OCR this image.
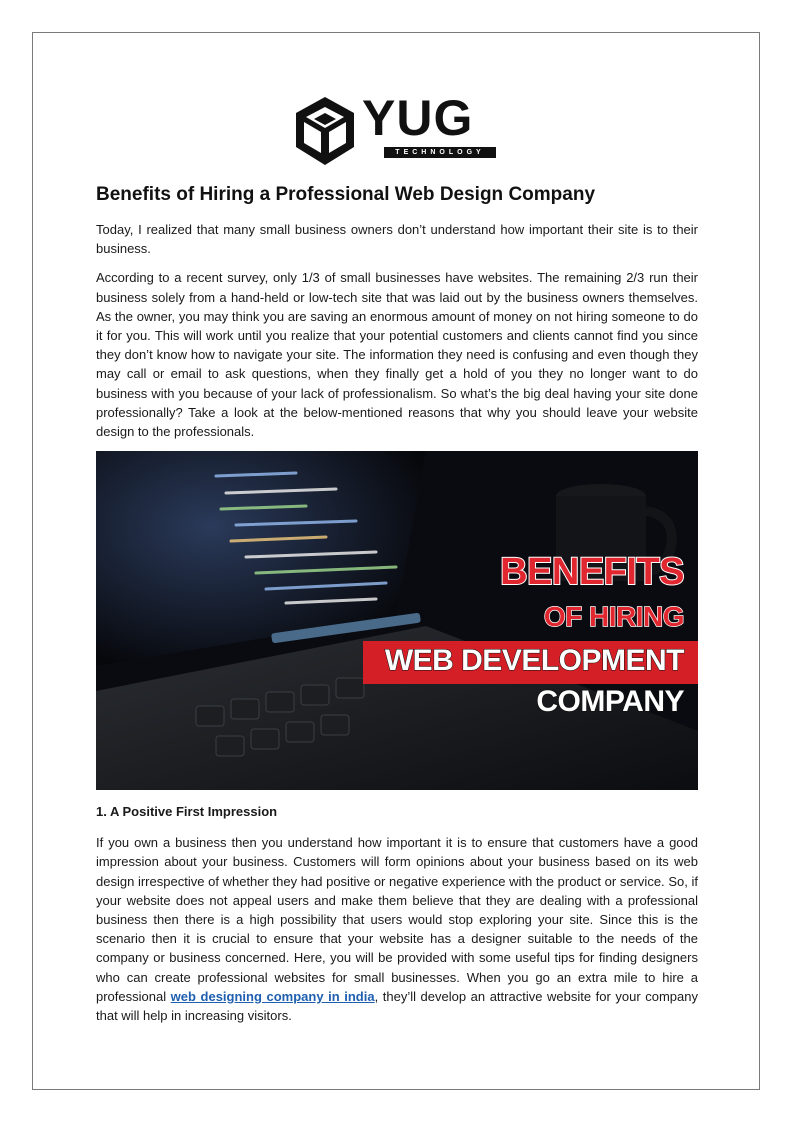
YUG
TECHNOLOGY
Benefits of Hiring a Professional Web Design Company

Today, I realized that many small business owners don’t understand how important their site is to their business.

According to a recent survey, only 1/3 of small businesses have websites. The remaining 2/3 run their business solely from a hand-held or low-tech site that was laid out by the business owners themselves. As the owner, you may think you are saving an enormous amount of money on not hiring someone to do it for you. This will work until you realize that your potential customers and clients cannot find you since they don’t know how to navigate your site. The information they need is confusing and even though they may call or email to ask questions, when they finally get a hold of you they no longer want to do business with you because of your lack of professionalism. So what’s the big deal having your site done professionally? Take a look at the below-mentioned reasons that why you should leave your website design to the professionals.

BENEFITS
OF HIRING
WEB DEVELOPMENT
COMPANY
1. A Positive First Impression

If you own a business then you understand how important it is to ensure that customers have a good impression about your business. Customers will form opinions about your business based on its web design irrespective of whether they had positive or negative experience with the product or service. So, if your website does not appeal users and make them believe that they are dealing with a professional business then there is a high possibility that users would stop exploring your site. Since this is the scenario then it is crucial to ensure that your website has a designer suitable to the needs of the company or business concerned. Here, you will be provided with some useful tips for finding designers who can create professional websites for small businesses. When you go an extra mile to hire a professional web designing company in india, they’ll develop an attractive website for your company that will help in increasing visitors.
